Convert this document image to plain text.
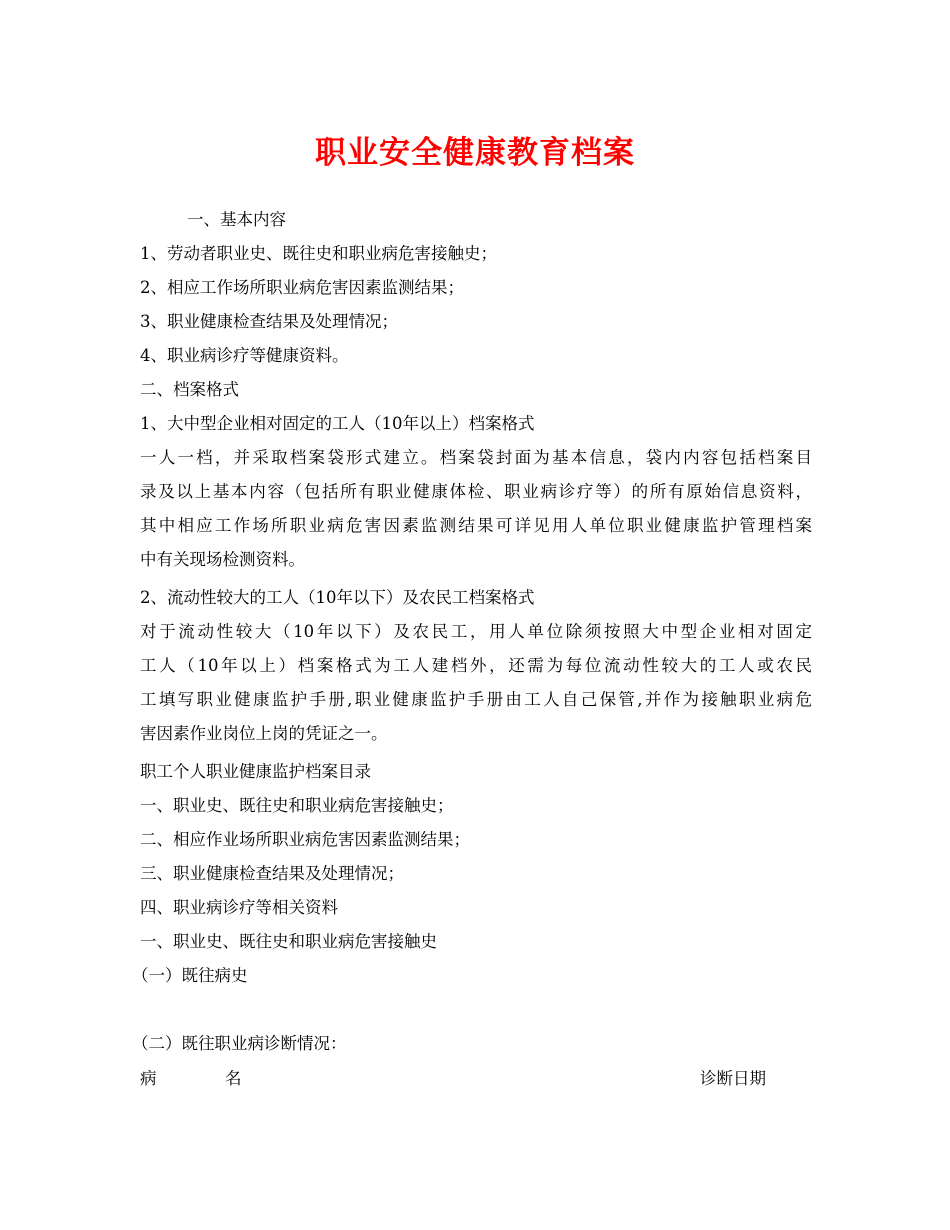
职业安全健康教育档案
一、基本内容
1、劳动者职业史、既往史和职业病危害接触史；
2、相应工作场所职业病危害因素监测结果；
3、职业健康检查结果及处理情况；
4、职业病诊疗等健康资料。
二、档案格式
1、大中型企业相对固定的工人（10年以上）档案格式
一人一档，并采取档案袋形式建立。档案袋封面为基本信息，袋内内容包括档案目
录及以上基本内容（包括所有职业健康体检、职业病诊疗等）的所有原始信息资料，
其中相应工作场所职业病危害因素监测结果可详见用人单位职业健康监护管理档案
中有关现场检测资料。
2、流动性较大的工人（10年以下）及农民工档案格式
对于流动性较大（10年以下）及农民工，用人单位除须按照大中型企业相对固定
工人（10年以上）档案格式为工人建档外，还需为每位流动性较大的工人或农民
工填写职业健康监护手册,职业健康监护手册由工人自己保管,并作为接触职业病危
害因素作业岗位上岗的凭证之一。
职工个人职业健康监护档案目录
一、职业史、既往史和职业病危害接触史；
二、相应作业场所职业病危害因素监测结果；
三、职业健康检查结果及处理情况；
四、职业病诊疗等相关资料
一、职业史、既往史和职业病危害接触史
（一）既往病史
（二）既往职业病诊断情况：
病	名	诊断日期
